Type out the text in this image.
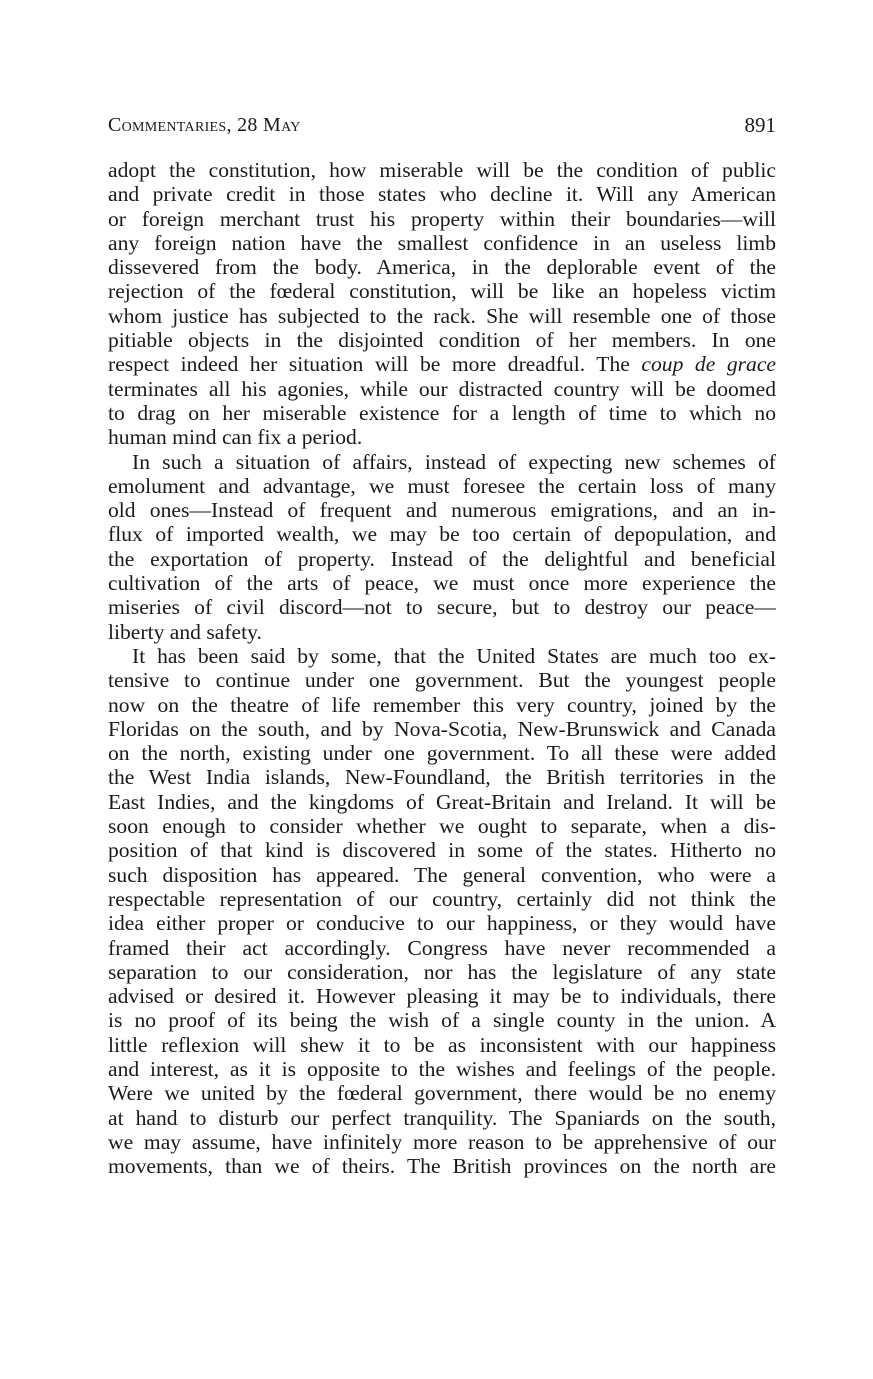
Commentaries, 28 May	891
adopt the constitution, how miserable will be the condition of public
and private credit in those states who decline it. Will any American
or foreign merchant trust his property within their boundaries—will
any foreign nation have the smallest confidence in an useless limb
dissevered from the body. America, in the deplorable event of the
rejection of the fœderal constitution, will be like an hopeless victim
whom justice has subjected to the rack. She will resemble one of those
pitiable objects in the disjointed condition of her members. In one
respect indeed her situation will be more dreadful. The coup de grace
terminates all his agonies, while our distracted country will be doomed
to drag on her miserable existence for a length of time to which no
human mind can fix a period.
In such a situation of affairs, instead of expecting new schemes of
emolument and advantage, we must foresee the certain loss of many
old ones—Instead of frequent and numerous emigrations, and an in-
flux of imported wealth, we may be too certain of depopulation, and
the exportation of property. Instead of the delightful and beneficial
cultivation of the arts of peace, we must once more experience the
miseries of civil discord—not to secure, but to destroy our peace—
liberty and safety.
It has been said by some, that the United States are much too ex-
tensive to continue under one government. But the youngest people
now on the theatre of life remember this very country, joined by the
Floridas on the south, and by Nova-Scotia, New-Brunswick and Canada
on the north, existing under one government. To all these were added
the West India islands, New-Foundland, the British territories in the
East Indies, and the kingdoms of Great-Britain and Ireland. It will be
soon enough to consider whether we ought to separate, when a dis-
position of that kind is discovered in some of the states. Hitherto no
such disposition has appeared. The general convention, who were a
respectable representation of our country, certainly did not think the
idea either proper or conducive to our happiness, or they would have
framed their act accordingly. Congress have never recommended a
separation to our consideration, nor has the legislature of any state
advised or desired it. However pleasing it may be to individuals, there
is no proof of its being the wish of a single county in the union. A
little reflexion will shew it to be as inconsistent with our happiness
and interest, as it is opposite to the wishes and feelings of the people.
Were we united by the fœderal government, there would be no enemy
at hand to disturb our perfect tranquility. The Spaniards on the south,
we may assume, have infinitely more reason to be apprehensive of our
movements, than we of theirs. The British provinces on the north are
